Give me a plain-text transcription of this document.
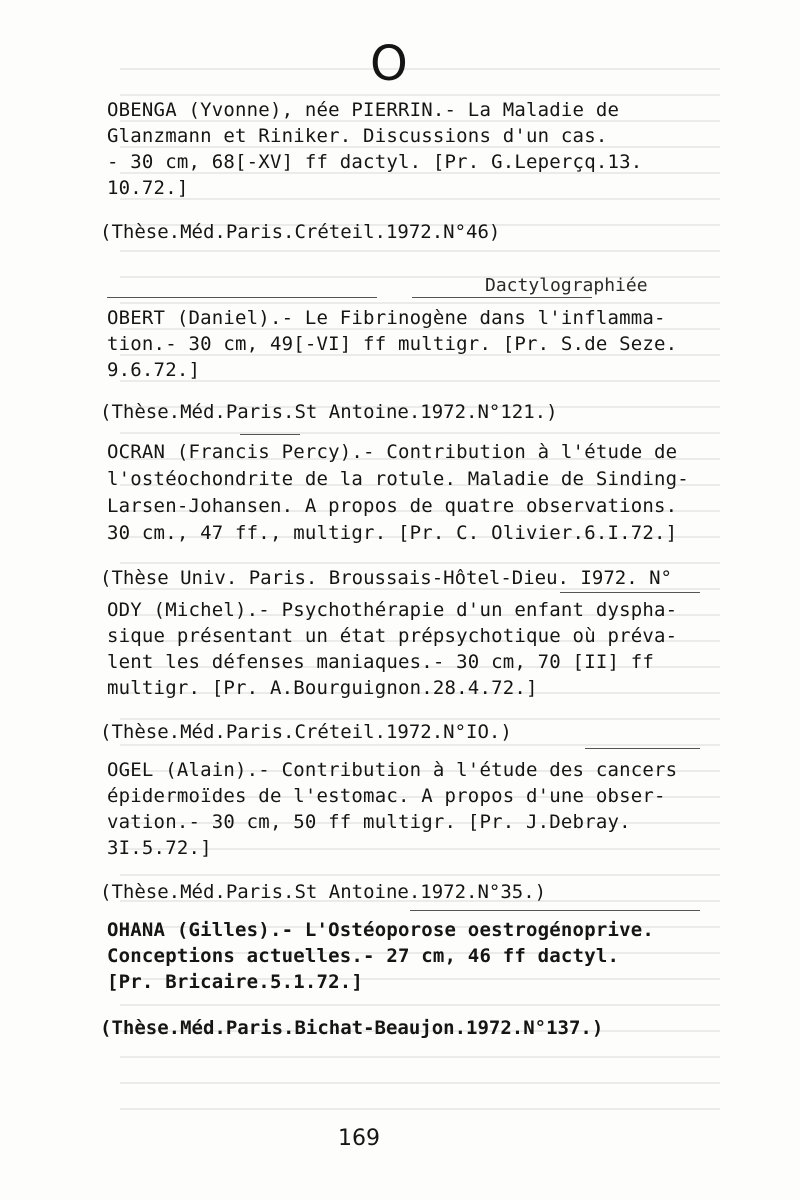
O
OBENGA (Yvonne), née PIERRIN.- La Maladie de
Glanzmann et Riniker. Discussions d'un cas.
- 30 cm, 68[-XV] ff dactyl. [Pr. G.Leperçq.13.
10.72.]
(Thèse.Méd.Paris.Créteil.1972.N°46)
Dactylographiée
OBERT (Daniel).- Le Fibrinogène dans l'inflamma-
tion.- 30 cm, 49[-VI] ff multigr. [Pr. S.de Seze.
9.6.72.]
(Thèse.Méd.Paris.St Antoine.1972.N°121.)
OCRAN (Francis Percy).- Contribution à l'étude de
l'ostéochondrite de la rotule. Maladie de Sinding-
Larsen-Johansen. A propos de quatre observations.
30 cm., 47 ff., multigr. [Pr. C. Olivier.6.I.72.]
(Thèse Univ. Paris. Broussais-Hôtel-Dieu. I972. N°
ODY (Michel).- Psychothérapie d'un enfant dyspha-
sique présentant un état prépsychotique où préva-
lent les défenses maniaques.- 30 cm, 70 [II] ff
multigr. [Pr. A.Bourguignon.28.4.72.]
(Thèse.Méd.Paris.Créteil.1972.N°IO.)
OGEL (Alain).- Contribution à l'étude des cancers
épidermoïdes de l'estomac. A propos d'une obser-
vation.- 30 cm, 50 ff multigr. [Pr. J.Debray.
3I.5.72.]
(Thèse.Méd.Paris.St Antoine.1972.N°35.)
OHANA (Gilles).- L'Ostéoporose oestrogénoprive.
Conceptions actuelles.- 27 cm, 46 ff dactyl.
[Pr. Bricaire.5.1.72.]
(Thèse.Méd.Paris.Bichat-Beaujon.1972.N°137.)
169
